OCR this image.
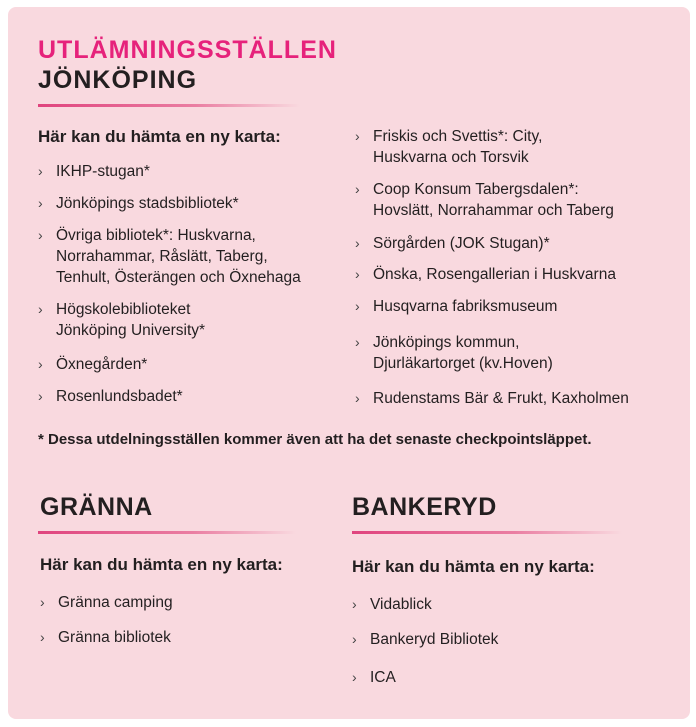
UTLÄMNINGSSTÄLLEN
JÖNKÖPING
Här kan du hämta en ny karta:
› IKHP-stugan*
› Jönköpings stadsbibliotek*
› Övriga bibliotek*: Huskvarna,
Norrahammar, Råslätt, Taberg,
Tenhult, Österängen och Öxnehaga
› Högskolebiblioteket
Jönköping University*
› Öxnegården*
› Rosenlundsbadet*
› Friskis och Svettis*: City,
Huskvarna och Torsvik
› Coop Konsum Tabergsdalen*:
Hovslätt, Norrahammar och Taberg
› Sörgården (JOK Stugan)*
› Önska, Rosengallerian i Huskvarna
› Husqvarna fabriksmuseum
› Jönköpings kommun,
Djurläkartorget (kv.Hoven)
› Rudenstams Bär & Frukt, Kaxholmen
* Dessa utdelningsställen kommer även att ha det senaste checkpointsläppet.
GRÄNNA
Här kan du hämta en ny karta:
› Gränna camping
› Gränna bibliotek
BANKERYD
Här kan du hämta en ny karta:
› Vidablick
› Bankeryd Bibliotek
› ICA
